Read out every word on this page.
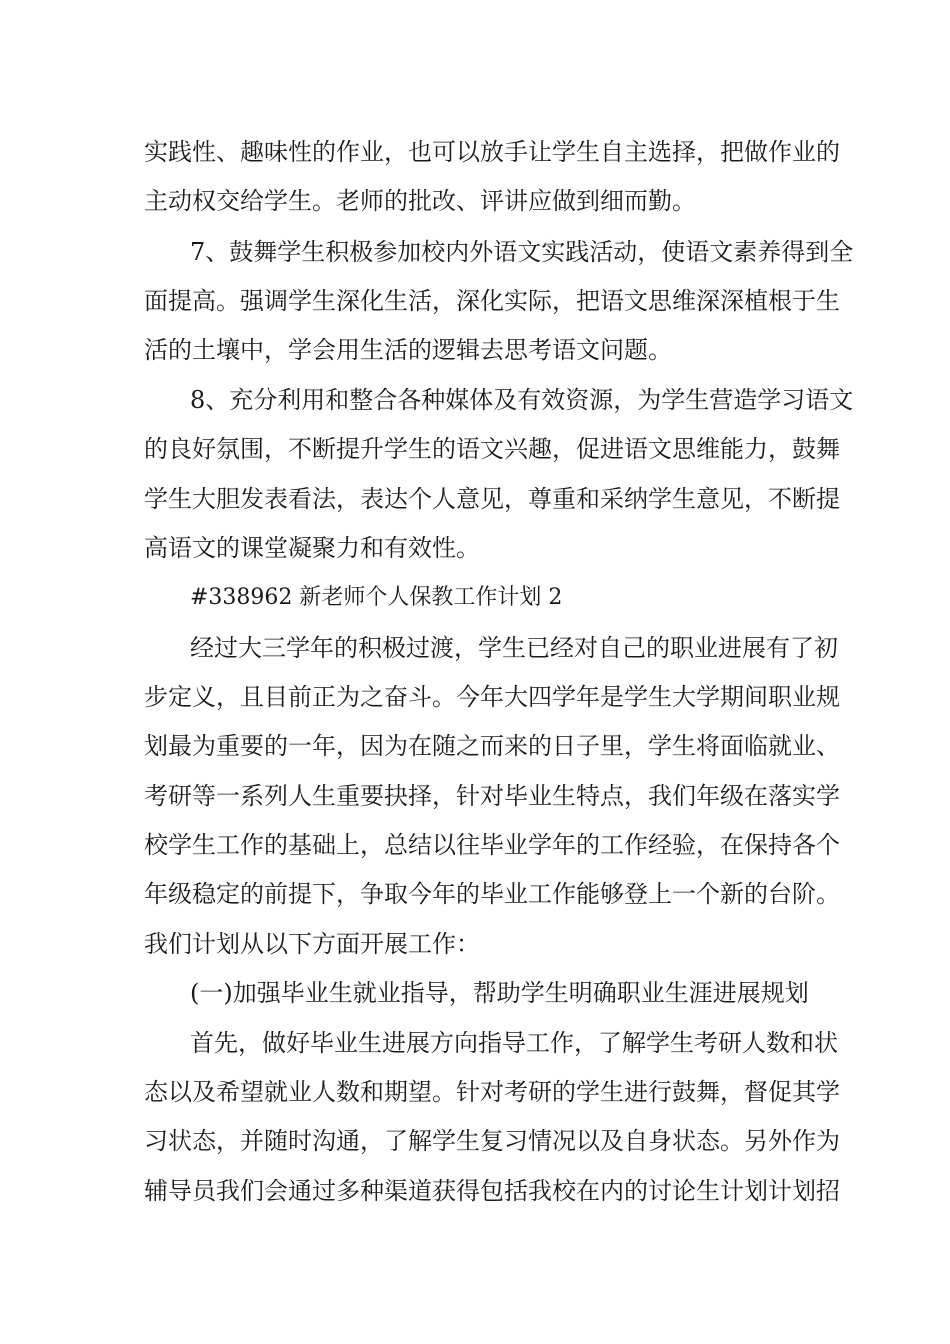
实践性、趣味性的作业，也可以放手让学生自主选择，把做作业的
主动权交给学生。老师的批改、评讲应做到细而勤。
7、鼓舞学生积极参加校内外语文实践活动，使语文素养得到全
面提高。强调学生深化生活，深化实际，把语文思维深深植根于生
活的土壤中，学会用生活的逻辑去思考语文问题。
8、充分利用和整合各种媒体及有效资源，为学生营造学习语文
的良好氛围，不断提升学生的语文兴趣，促进语文思维能力，鼓舞
学生大胆发表看法，表达个人意见，尊重和采纳学生意见，不断提
高语文的课堂凝聚力和有效性。
#338962 新老师个人保教工作计划 2
经过大三学年的积极过渡，学生已经对自己的职业进展有了初
步定义，且目前正为之奋斗。今年大四学年是学生大学期间职业规
划最为重要的一年，因为在随之而来的日子里，学生将面临就业、
考研等一系列人生重要抉择，针对毕业生特点，我们年级在落实学
校学生工作的基础上，总结以往毕业学年的工作经验，在保持各个
年级稳定的前提下，争取今年的毕业工作能够登上一个新的台阶。
我们计划从以下方面开展工作：
(一)加强毕业生就业指导，帮助学生明确职业生涯进展规划
首先，做好毕业生进展方向指导工作，了解学生考研人数和状
态以及希望就业人数和期望。针对考研的学生进行鼓舞，督促其学
习状态，并随时沟通，了解学生复习情况以及自身状态。另外作为
辅导员我们会通过多种渠道获得包括我校在内的讨论生计划计划招
